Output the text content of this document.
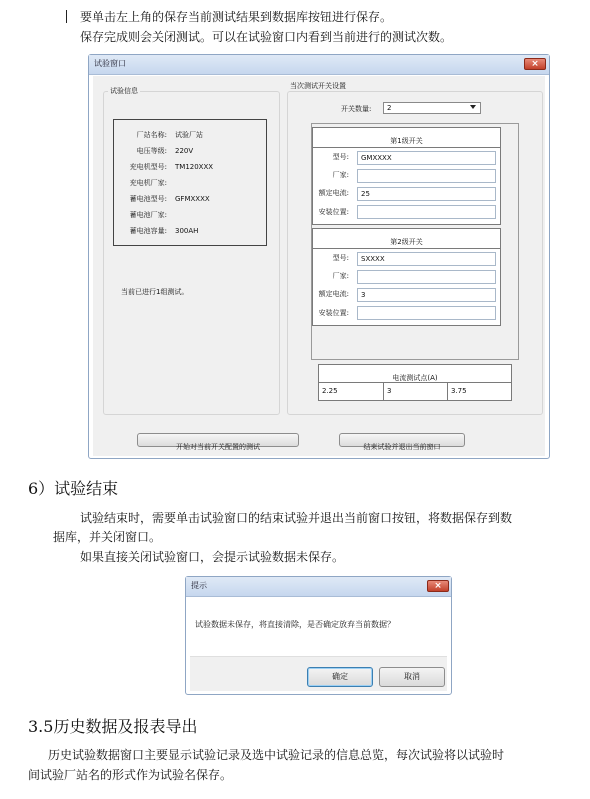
要单击左上角的保存当前测试结果到数据库按钮进行保存。
保存完成则会关闭测试。可以在试验窗口内看到当前进行的测试次数。
试验窗口	×
试验信息
厂站名称: 试验厂站
电压等级: 220V
充电机型号: TM120XXX
充电机厂家:
蓄电池型号: GFMXXXX
蓄电池厂家:
蓄电池容量: 300AH
当前已进行1组测试。
当次测试开关设置
开关数量: 2
第1级开关
型号: GMXXXX
厂家:
额定电流: 25
安装位置:
第2级开关
型号: SXXXX
厂家:
额定电流: 3
安装位置:
电流测试点(A)
2.25	3	3.75
开始对当前开关配置的测试	结束试验并退出当前窗口
6）试验结束
试验结束时，需要单击试验窗口的结束试验并退出当前窗口按钮，将数据保存到数
据库，并关闭窗口。
如果直接关闭试验窗口，会提示试验数据未保存。
提示	×
试验数据未保存，将直接清除，是否确定放弃当前数据？
确定	取消
3.5历史数据及报表导出
历史试验数据窗口主要显示试验记录及选中试验记录的信息总览，每次试验将以试验时
间试验厂站名的形式作为试验名保存。
